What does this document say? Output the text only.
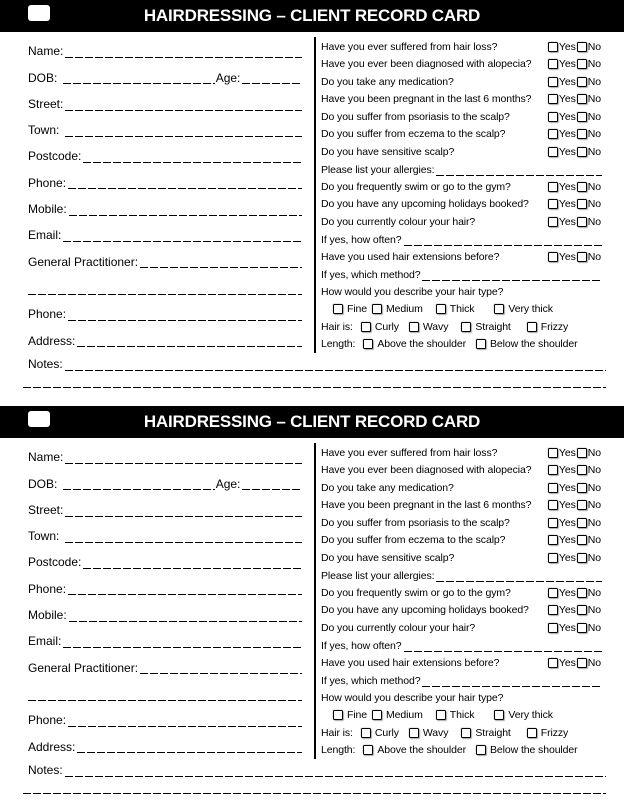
HAIRDRESSING – CLIENT RECORD CARD
Name:
DOB:	Age:
Street:
Town:
Postcode:
Phone:
Mobile:
Email:
General Practitioner:
Phone:
Address:
Have you ever suffered from hair loss?	Yes No
Have you ever been diagnosed with alopecia?	Yes No
Do you take any medication?	Yes No
Have you been pregnant in the last 6 months?	Yes No
Do you suffer from psoriasis to the scalp?	Yes No
Do you suffer from eczema to the scalp?	Yes No
Do you have sensitive scalp?	Yes No
Please list your allergies:
Do you frequently swim or go to the gym?	Yes No
Do you have any upcoming holidays booked?	Yes No
Do you currently colour your hair?	Yes No
If yes, how often?
Have you used hair extensions before?	Yes No
If yes, which method?
How would you describe your hair type?
Fine Medium	Thick	Very thick
Hair is: Curly Wavy	Straight	Frizzy
Length: Above the shoulder Below the shoulder
Notes:
HAIRDRESSING – CLIENT RECORD CARD
Name:
DOB:	Age:
Street:
Town:
Postcode:
Phone:
Mobile:
Email:
General Practitioner:
Phone:
Address:
Have you ever suffered from hair loss?	Yes No
Have you ever been diagnosed with alopecia?	Yes No
Do you take any medication?	Yes No
Have you been pregnant in the last 6 months?	Yes No
Do you suffer from psoriasis to the scalp?	Yes No
Do you suffer from eczema to the scalp?	Yes No
Do you have sensitive scalp?	Yes No
Please list your allergies:
Do you frequently swim or go to the gym?	Yes No
Do you have any upcoming holidays booked?	Yes No
Do you currently colour your hair?	Yes No
If yes, how often?
Have you used hair extensions before?	Yes No
If yes, which method?
How would you describe your hair type?
Fine Medium	Thick	Very thick
Hair is: Curly Wavy	Straight	Frizzy
Length: Above the shoulder Below the shoulder
Notes:
